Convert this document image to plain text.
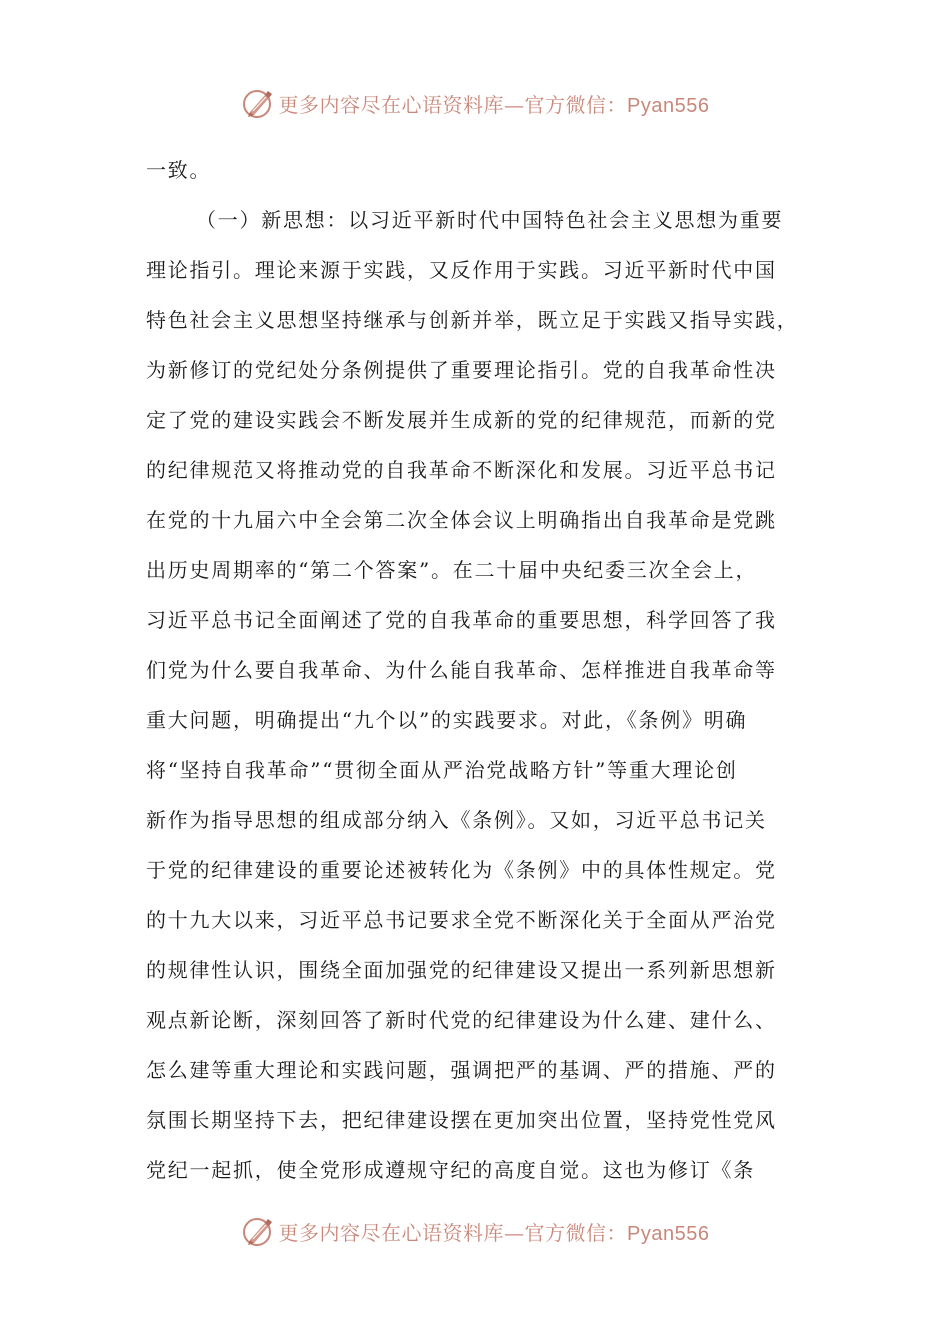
更多内容尽在心语资料库—官方微信：Pyan556
一致。
（一）新思想：以习近平新时代中国特色社会主义思想为重要
理论指引。理论来源于实践，又反作用于实践。习近平新时代中国
特色社会主义思想坚持继承与创新并举，既立足于实践又指导实践，
为新修订的党纪处分条例提供了重要理论指引。党的自我革命性决
定了党的建设实践会不断发展并生成新的党的纪律规范，而新的党
的纪律规范又将推动党的自我革命不断深化和发展。习近平总书记
在党的十九届六中全会第二次全体会议上明确指出自我革命是党跳
出历史周期率的“第二个答案”。在二十届中央纪委三次全会上，
习近平总书记全面阐述了党的自我革命的重要思想，科学回答了我
们党为什么要自我革命、为什么能自我革命、怎样推进自我革命等
重大问题，明确提出“九个以”的实践要求。对此，《条例》明确
将“坚持自我革命”“贯彻全面从严治党战略方针”等重大理论创
新作为指导思想的组成部分纳入《条例》。又如，习近平总书记关
于党的纪律建设的重要论述被转化为《条例》中的具体性规定。党
的十九大以来，习近平总书记要求全党不断深化关于全面从严治党
的规律性认识，围绕全面加强党的纪律建设又提出一系列新思想新
观点新论断，深刻回答了新时代党的纪律建设为什么建、建什么、
怎么建等重大理论和实践问题，强调把严的基调、严的措施、严的
氛围长期坚持下去，把纪律建设摆在更加突出位置，坚持党性党风
党纪一起抓，使全党形成遵规守纪的高度自觉。这也为修订《条
更多内容尽在心语资料库—官方微信：Pyan556
